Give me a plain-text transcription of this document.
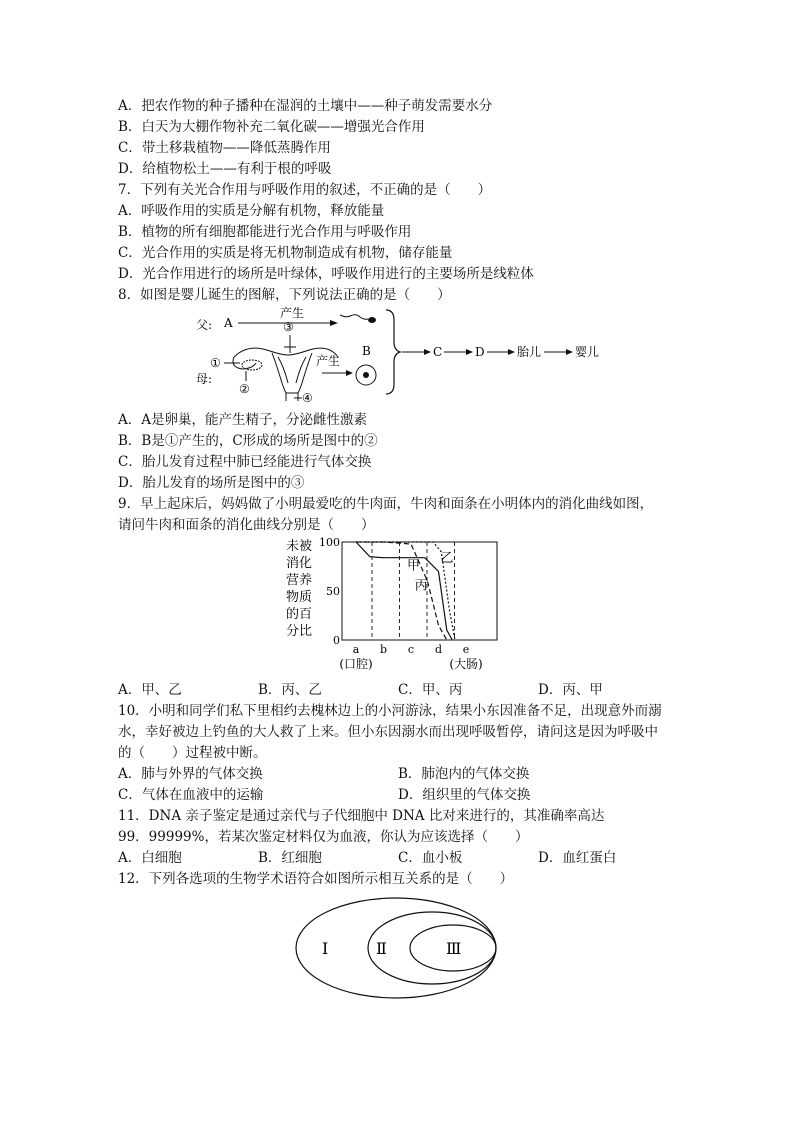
A．把农作物的种子播种在湿润的土壤中——种子萌发需要水分
B．白天为大棚作物补充二氧化碳——增强光合作用
C．带土移栽植物——降低蒸腾作用
D．给植物松土——有利于根的呼吸
7．下列有关光合作用与呼吸作用的叙述，不正确的是（　　）
A．呼吸作用的实质是分解有机物，释放能量
B．植物的所有细胞都能进行光合作用与呼吸作用
C．光合作用的实质是将无机物制造成有机物，储存能量
D．光合作用进行的场所是叶绿体，呼吸作用进行的主要场所是线粒体
8．如图是婴儿诞生的图解，下列说法正确的是（　　）
父:
母:
A
产生
C	D	胎儿	婴儿
③
①
②
④
产生
B
A．A是卵巢，能产生精子，分泌雌性激素
B．B是①产生的，C形成的场所是图中的②
C．胎儿发育过程中肺已经能进行气体交换
D．胎儿发育的场所是图中的③
9．早上起床后，妈妈做了小明最爱吃的牛肉面，牛肉和面条在小明体内的消化曲线如图，
请问牛肉和面条的消化曲线分别是（　　）
未被
消化
营养
物质
的百
分比
100
50
0
甲
乙
丙
a
(口腔)
b c d e
(大肠)
A．甲、乙	B．丙、乙	C．甲、丙	D．丙、甲
10．小明和同学们私下里相约去槐林边上的小河游泳，结果小东因准备不足，出现意外而溺
水，幸好被边上钓鱼的大人救了上来。但小东因溺水而出现呼吸暂停，请问这是因为呼吸中
的（　　）过程被中断。
A．肺与外界的气体交换	B．肺泡内的气体交换
C．气体在血液中的运输	D．组织里的气体交换
11．DNA 亲子鉴定是通过亲代与子代细胞中 DNA 比对来进行的，其准确率高达
99．99999%，若某次鉴定材料仅为血液，你认为应该选择（　　）
A．白细胞	B．红细胞	C．血小板	D．血红蛋白
12．下列各选项的生物学术语符合如图所示相互关系的是（　　）
Ⅰ	Ⅱ	Ⅲ
